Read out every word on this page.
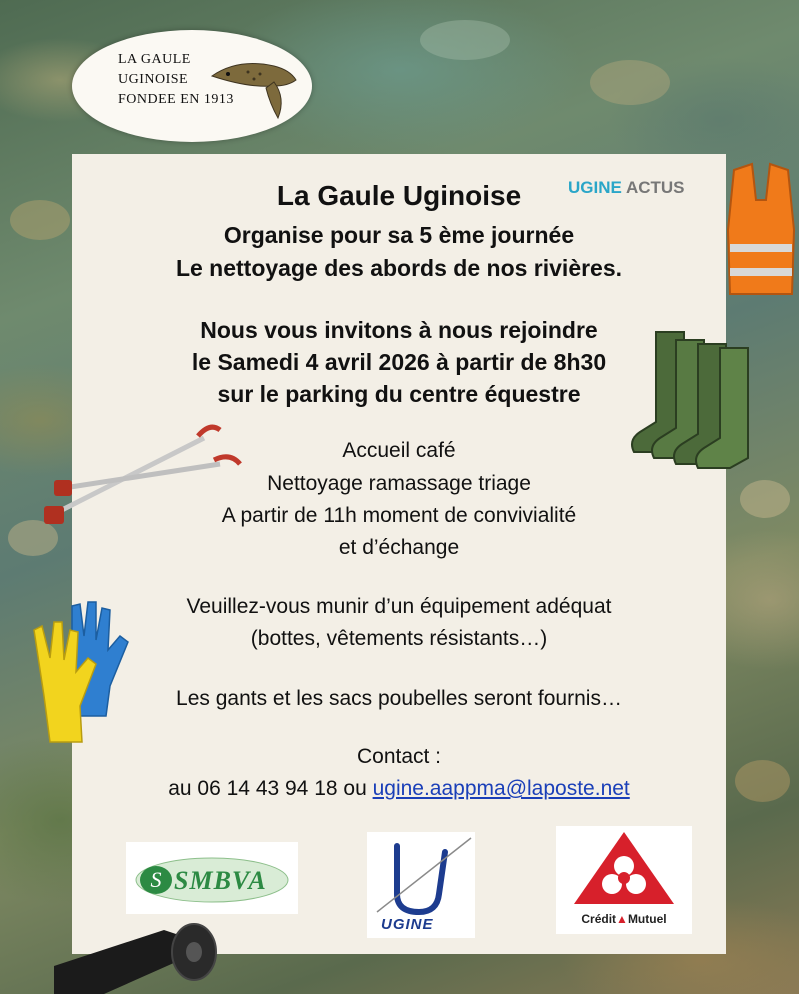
LA GAULE
UGINOISE
FONDEE EN 1913
UGINE ACTUS
La Gaule Uginoise
Organise pour sa 5 ème journée
Le nettoyage des abords de nos rivières.
Nous vous invitons à nous rejoindre
le Samedi 4 avril 2026 à partir de 8h30
sur le parking du centre équestre
Accueil café
Nettoyage ramassage triage
A partir de 11h moment de convivialité
et d’échange
Veuillez-vous munir d’un équipement adéquat
(bottes, vêtements résistants…)
Les gants et les sacs poubelles seront fournis…
Contact :
au 06 14 43 94 18 ou ugine.aappma@laposte.net
S SMBVA
UGINE	Crédit▲Mutuel
